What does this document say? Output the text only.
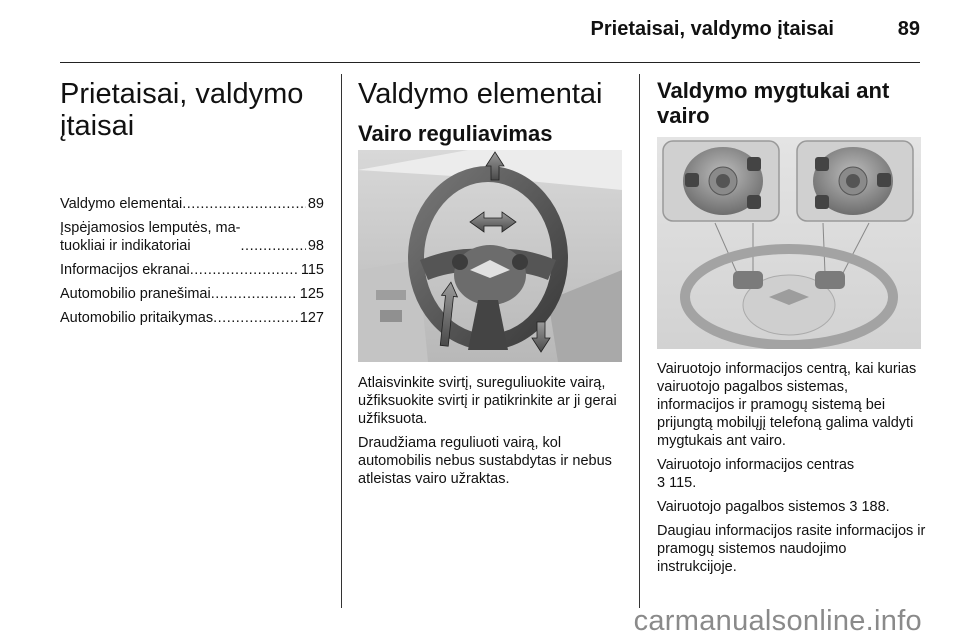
Prietaisai, valdymo įtaisai	89
Prietaisai, valdymo įtaisai
Valdymo elementai .....	89
Įspėjamosios lemputės, ma-
tuokliai ir indikatoriai .....	98
Informacijos ekranai .....	115
Automobilio pranešimai .....	125
Automobilio pritaikymas .....	127
Valdymo elementai
Vairo reguliavimas

Atlaisvinkite svirtį, sureguliuokite vairą, užfiksuokite svirtį ir patikrinkite ar ji gerai užfiksuota.

Draudžiama reguliuoti vairą, kol automobilis nebus sustabdytas ir nebus atleistas vairo užraktas.

Valdymo mygtukai ant vairo

Vairuotojo informacijos centrą, kai kurias vairuotojo pagalbos sistemas, informacijos ir pramogų sistemą bei prijungtą mobilųjį telefoną galima valdyti mygtukais ant vairo.

Vairuotojo informacijos centras
3 115.

Vairuotojo pagalbos sistemos 3 188.

Daugiau informacijos rasite informacijos ir pramogų sistemos naudojimo instrukcijoje.

carmanualsonline.info
